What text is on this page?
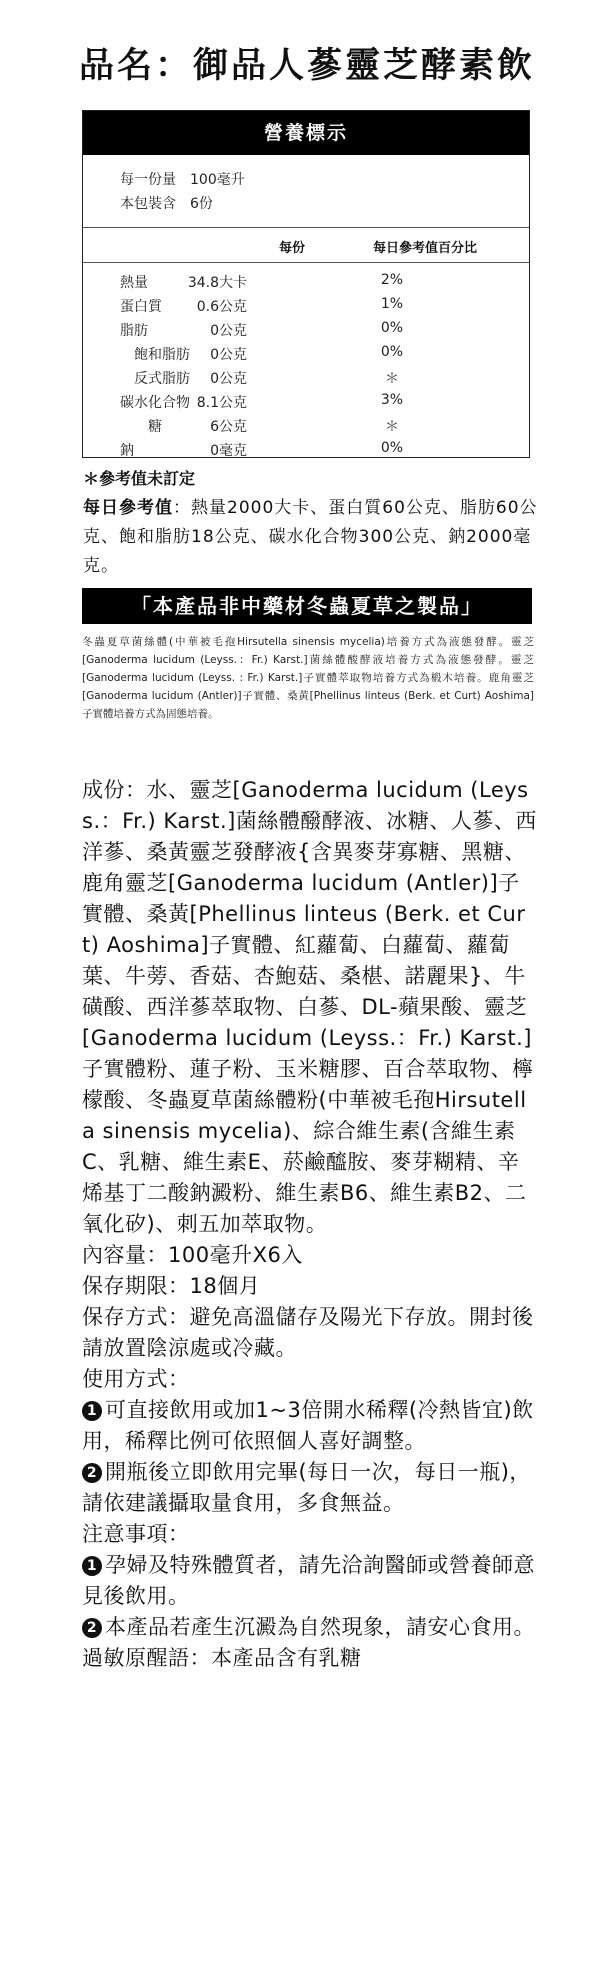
品名：御品人蔘靈芝酵素飲
營養標示
每一份量 100毫升
本包裝含 6份
每份	每日參考值百分比
熱量	34.8大卡	2%
蛋白質 0.6公克	1%
脂肪	0公克	0%
飽和脂肪 0公克	0%
反式脂肪 0公克	＊
碳水化合物 8.1公克	3%
糖	6公克	＊
鈉	0毫克	0%
＊參考值未訂定
每日參考值：熱量2000大卡、蛋白質60公克、脂肪60公克、飽和脂肪18公克、碳水化合物300公克、鈉2000毫克。
「本產品非中藥材冬蟲夏草之製品」
冬蟲夏草菌絲體(中華被毛孢Hirsutella sinensis mycelia)培養方式為液態發酵。靈芝[Ganoderma lucidum (Leyss.：Fr.) Karst.]菌絲體酸酵液培養方式為液態發酵。靈芝[Ganoderma lucidum (Leyss. : Fr.) Karst.]子實體萃取物培養方式為椴木培養。鹿角靈芝[Ganoderma lucidum (Antler)]子實體、桑黃[Phellinus linteus (Berk. et Curt) Aoshima]子實體培養方式為固態培養。

成份：水、靈芝[Ganoderma lucidum (Leyss.：Fr.) Karst.]菌絲體醱酵液、冰糖、人蔘、西洋蔘、桑黃靈芝發酵液{含異麥芽寡糖、黑糖、鹿角靈芝[Ganoderma lucidum (Antler)]子實體、桑黃[Phellinus linteus (Berk. et Curt) Aoshima]子實體、紅蘿蔔、白蘿蔔、蘿蔔葉、牛蒡、香菇、杏鮑菇、桑椹、諾麗果}、牛磺酸、西洋蔘萃取物、白蔘、DL-蘋果酸、靈芝[Ganoderma lucidum (Leyss.：Fr.) Karst.]子實體粉、蓮子粉、玉米糖膠、百合萃取物、檸檬酸、冬蟲夏草菌絲體粉(中華被毛孢Hirsutella sinensis mycelia)、綜合維生素(含維生素C、乳糖、維生素E、菸鹼醯胺、麥芽糊精、辛烯基丁二酸鈉澱粉、維生素B6、維生素B2、二氧化矽)、刺五加萃取物。

內容量：100毫升X6入

保存期限：18個月

保存方式：避免高溫儲存及陽光下存放。開封後請放置陰涼處或冷藏。

使用方式：

1 可直接飲用或加1~3倍開水稀釋(冷熱皆宜)飲用，稀釋比例可依照個人喜好調整。

2 開瓶後立即飲用完畢(每日一次，每日一瓶)，請依建議攝取量食用，多食無益。

注意事項：

1 孕婦及特殊體質者，請先洽詢醫師或營養師意見後飲用。

2 本產品若產生沉澱為自然現象，請安心食用。

過敏原醒語：本產品含有乳糖
